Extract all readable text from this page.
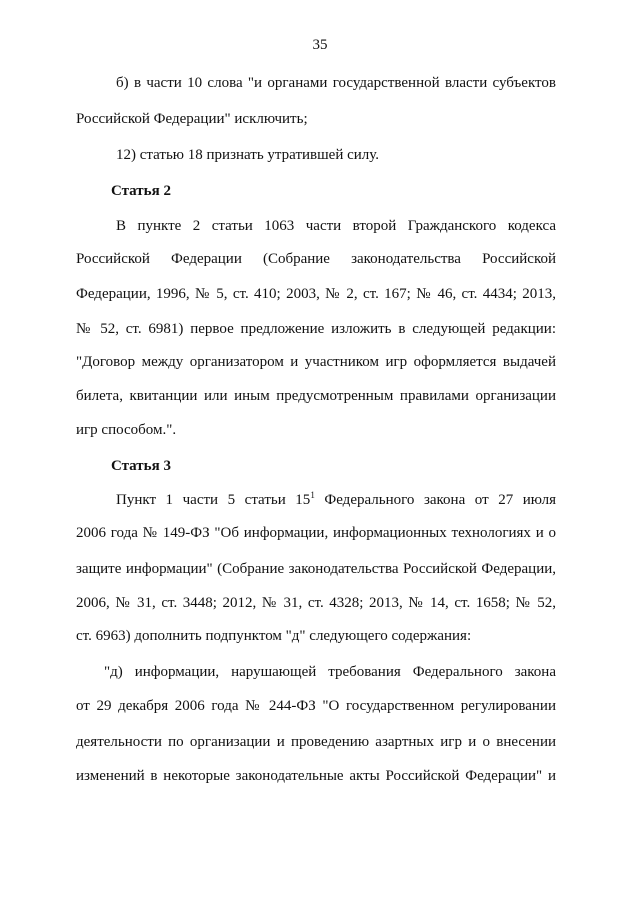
35
б) в части 10 слова "и органами государственной власти субъектов
Российской Федерации" исключить;
12) статью 18 признать утратившей силу.
Статья 2
В пункте 2 статьи 1063 части второй Гражданского кодекса
Российской Федерации (Собрание законодательства Российской
Федерации, 1996, № 5, ст. 410; 2003, № 2, ст. 167; № 46, ст. 4434; 2013,
№ 52, ст. 6981) первое предложение изложить в следующей редакции:
"Договор между организатором и участником игр оформляется выдачей
билета, квитанции или иным предусмотренным правилами организации
игр способом.".
Статья 3
Пункт 1 части 5 статьи $15^1$ Федерального закона от 27 июля
2006 года № 149-ФЗ "Об информации, информационных технологиях и о
защите информации" (Собрание законодательства Российской Федерации,
2006, № 31, ст. 3448; 2012, № 31, ст. 4328; 2013, № 14, ст. 1658; № 52,
ст. 6963) дополнить подпунктом "д" следующего содержания:
"д) информации, нарушающей требования Федерального закона
от 29 декабря 2006 года № 244-ФЗ "О государственном регулировании
деятельности по организации и проведению азартных игр и о внесении
изменений в некоторые законодательные акты Российской Федерации" и
